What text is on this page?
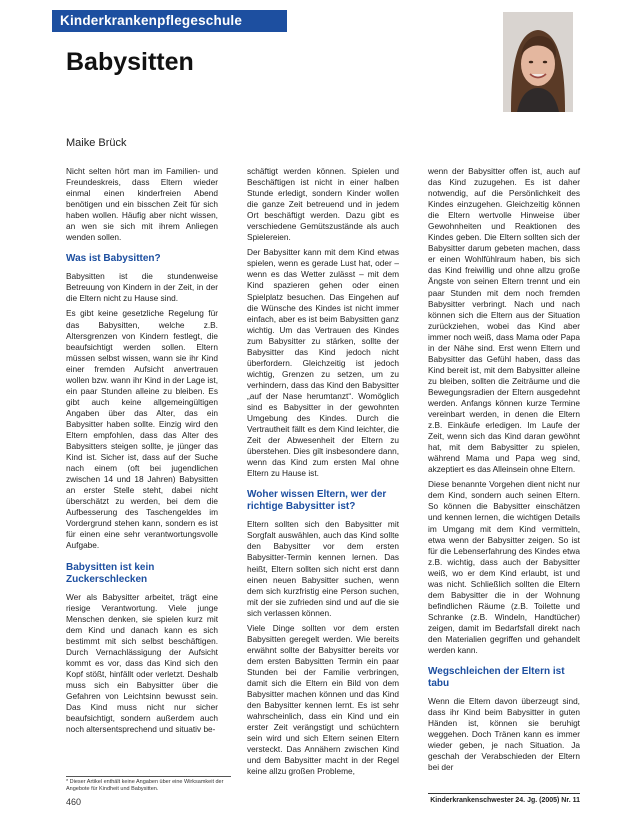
Kinderkrankenpflegeschule
Babysitten
Maike Brück

Nicht selten hört man im Familien- und Freundeskreis, dass Eltern wieder einmal einen kinderfreien Abend benötigen und ein bisschen Zeit für sich haben wollen. Häufig aber nicht wissen, an wen sie sich mit ihrem Anliegen wenden sollen.

Was ist Babysitten?

Babysitten ist die stundenweise Betreuung von Kindern in der Zeit, in der die Eltern nicht zu Hause sind.

Es gibt keine gesetzliche Regelung für das Babysitten, welche z.B. Altersgrenzen von Kindern festlegt, die beaufsichtigt werden sollen. Eltern müssen selbst wissen, wann sie ihr Kind einer fremden Aufsicht anvertrauen wollen bzw. wann ihr Kind in der Lage ist, ein paar Stunden alleine zu bleiben. Es gibt auch keine allgemeingültigen Angaben über das Alter, das ein Babysitter haben sollte. Einzig wird den Eltern empfohlen, dass das Alter des Babysitters steigen sollte, je jünger das Kind ist. Sicher ist, dass auf der Suche nach einem (oft bei jugendlichen zwischen 14 und 18 Jahren) Babysitten an erster Stelle steht, dabei nicht überschätzt zu werden, bei dem die Aufbesserung des Taschengeldes im Vordergrund stehen kann, sondern es ist für einen eine sehr verantwortungsvolle Aufgabe.

Babysitten ist kein Zuckerschlecken

Wer als Babysitter arbeitet, trägt eine riesige Verantwortung. Viele junge Menschen denken, sie spielen kurz mit dem Kind und danach kann es sich bestimmt mit sich selbst beschäftigen. Durch Vernachlässigung der Aufsicht kommt es vor, dass das Kind sich den Kopf stößt, hinfällt oder verletzt. Deshalb muss sich ein Babysitter über die Gefahren von Leichtsinn bewusst sein. Das Kind muss nicht nur sicher beaufsichtigt, sondern außerdem auch noch altersentsprechend und situativ be-

schäftigt werden können. Spielen und Beschäftigen ist nicht in einer halben Stunde erledigt, sondern Kinder wollen die ganze Zeit betreuend und in jedem Ort beschäftigt werden. Dazu gibt es verschiedene Gemütszustände als auch Spielereien.

Der Babysitter kann mit dem Kind etwas spielen, wenn es gerade Lust hat, oder – wenn es das Wetter zulässt – mit dem Kind spazieren gehen oder einen Spielplatz besuchen. Das Eingehen auf die Wünsche des Kindes ist nicht immer einfach, aber es ist beim Babysitten ganz wichtig. Um das Vertrauen des Kindes zum Babysitter zu stärken, sollte der Babysitter das Kind jedoch nicht überfordern. Gleichzeitig ist jedoch wichtig, Grenzen zu setzen, um zu verhindern, dass das Kind den Babysitter „auf der Nase herumtanzt“. Womöglich sind es Babysitter in der gewohnten Umgebung des Kindes. Durch die Vertrautheit fällt es dem Kind leichter, die Zeit der Abwesenheit der Eltern zu überstehen. Dies gilt insbesondere dann, wenn das Kind zum ersten Mal ohne Eltern zu Hause ist.

Woher wissen Eltern, wer der richtige Babysitter ist?

Eltern sollten sich den Babysitter mit Sorgfalt auswählen, auch das Kind sollte den Babysitter vor dem ersten Babysitter-Termin kennen lernen. Das heißt, Eltern sollten sich nicht erst dann einen neuen Babysitter suchen, wenn dem sich kurzfristig eine Person suchen, mit der sie zufrieden sind und auf die sie sich verlassen können.

Viele Dinge sollten vor dem ersten Babysitten geregelt werden. Wie bereits erwähnt sollte der Babysitter bereits vor dem ersten Babysitten Termin ein paar Stunden bei der Familie verbringen, damit sich die Eltern ein Bild von dem Babysitter machen können und das Kind den Babysitter kennen lernt. Es ist sehr wahrscheinlich, dass ein Kind und ein erster Zeit verängstigt und schüchtern sein wird und sich Eltern seinen Eltern versteckt. Das Annähern zwischen Kind und dem Babysitter macht in der Regel keine allzu großen Probleme,

wenn der Babysitter offen ist, auch auf das Kind zuzugehen. Es ist daher notwendig, auf die Persönlichkeit des Kindes einzugehen. Gleichzeitig können die Eltern wertvolle Hinweise über Gewohnheiten und Reaktionen des Kindes geben. Die Eltern sollten sich der Babysitter darum gebeten machen, dass er einen Wohlfühlraum haben, bis sich das Kind freiwillig und ohne allzu große Ängste von seinen Eltern trennt und ein paar Stunden mit dem noch fremden Babysitter verbringt. Nach und nach können sich die Eltern aus der Situation zurückziehen, wobei das Kind aber immer noch weiß, dass Mama oder Papa in der Nähe sind. Erst wenn Eltern und Babysitter das Gefühl haben, dass das Kind bereit ist, mit dem Babysitter alleine zu bleiben, sollten die Zeiträume und die Bewegungsradien der Eltern ausgedehnt werden. Anfangs können kurze Termine vereinbart werden, in denen die Eltern z.B. Einkäufe erledigen. Im Laufe der Zeit, wenn sich das Kind daran gewöhnt hat, mit dem Babysitter zu spielen, während Mama und Papa weg sind, akzeptiert es das Alleinsein ohne Eltern.

Diese benannte Vorgehen dient nicht nur dem Kind, sondern auch seinen Eltern. So können die Babysitter einschätzen und kennen lernen, die wichtigen Details im Umgang mit dem Kind vermitteln, etwa wenn der Babysitter zeigen. So ist für die Lebenserfahrung des Kindes etwa z.B. wichtig, dass auch der Babysitter weiß, wo er dem Kind erlaubt, ist und was nicht. Schließlich sollten die Eltern dem Babysitter die in der Wohnung befindlichen Räume (z.B. Toilette und Schranke (z.B. Windeln, Handtücher) zeigen, damit im Bedarfsfall direkt nach den Materialien gegriffen und gehandelt werden kann.

Wegschleichen der Eltern ist tabu

Wenn die Eltern davon überzeugt sind, dass ihr Kind beim Babysitter in guten Händen ist, können sie beruhigt weggehen. Doch Tränen kann es immer wieder geben, je nach Situation. Ja geschah der Verabschieden der Eltern bei der

* Dieser Artikel enthält keine Angaben über eine Wirksamkeit der Angebote für Kindheit und Babysitten.
460	Kinderkrankenschwester 24. Jg. (2005) Nr. 11
